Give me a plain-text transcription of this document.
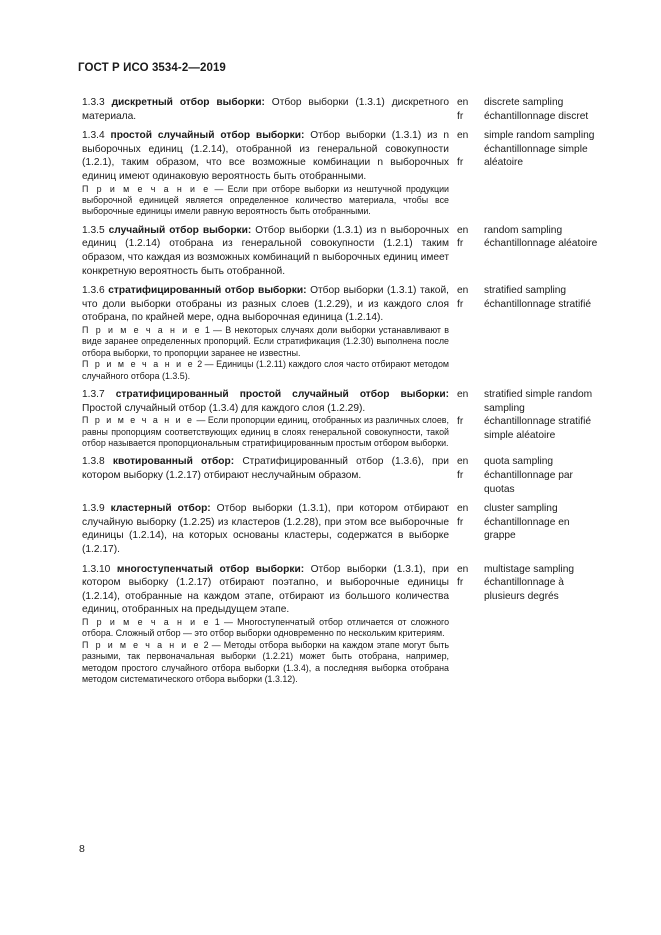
ГОСТ Р ИСО 3534-2—2019

1.3.3 дискретный отбор выборки: Отбор выборки (1.3.1) дискретного материала.

en
fr
discrete sampling
échantillonnage discret

1.3.4 простой случайный отбор выборки: Отбор выборки (1.3.1) из n выборочных единиц (1.2.14), отобранной из генеральной совокупности (1.2.1), таким образом, что все возможные комбинации n выборочных единиц имеют одинаковую вероятность быть отобранными.

П р и м е ч а н и е — Если при отборе выборки из нештучной продукции выборочной единицей является определенное количество материала, чтобы все выборочные единицы имели равную вероятность быть отобранными.

en
fr
simple random sampling
échantillonnage simple aléatoire

1.3.5 случайный отбор выборки: Отбор выборки (1.3.1) из n выборочных единиц (1.2.14) отобрана из генеральной совокупности (1.2.1) таким образом, что каждая из возможных комбинаций n выборочных единиц имеет конкретную вероятность быть отобранной.

en
fr
random sampling
échantillonnage aléatoire

1.3.6 стратифицированный отбор выборки: Отбор выборки (1.3.1) такой, что доли выборки отобраны из разных слоев (1.2.29), и из каждого слоя отобрана, по крайней мере, одна выборочная единица (1.2.14).

П р и м е ч а н и е 1 — В некоторых случаях доли выборки устанавливают в виде заранее определенных пропорций. Если стратификация (1.2.30) выполнена после отбора выборки, то пропорции заранее не известны.

П р и м е ч а н и е 2 — Единицы (1.2.11) каждого слоя часто отбирают методом случайного отбора (1.3.5).

en
fr
stratified sampling
échantillonnage stratifié

1.3.7 стратифицированный простой случайный отбор выборки: Простой случайный отбор (1.3.4) для каждого слоя (1.2.29).

П р и м е ч а н и е — Если пропорции единиц, отобранных из различных слоев, равны пропорциям соответствующих единиц в слоях генеральной совокупности, такой отбор называется пропорциональным стратифицированным простым отбором выборки.

en
fr
stratified simple random sampling
échantillonnage stratifié simple aléatoire

1.3.8 квотированный отбор: Стратифицированный отбор (1.3.6), при котором выборку (1.2.17) отбирают неслучайным образом.

en
fr
quota sampling
échantillonnage par quotas

1.3.9 кластерный отбор: Отбор выборки (1.3.1), при котором отбирают случайную выборку (1.2.25) из кластеров (1.2.28), при этом все выборочные единицы (1.2.14), на которых основаны кластеры, содержатся в выборке (1.2.17).

en
fr
cluster sampling
échantillonnage en grappe

1.3.10 многоступенчатый отбор выборки: Отбор выборки (1.3.1), при котором выборку (1.2.17) отбирают поэтапно, и выборочные единицы (1.2.14), отобранные на каждом этапе, отбирают из большого количества единиц, отобранных на предыдущем этапе.

П р и м е ч а н и е 1 — Многоступенчатый отбор отличается от сложного отбора. Сложный отбор — это отбор выборки одновременно по нескольким критериям.

П р и м е ч а н и е 2 — Методы отбора выборки на каждом этапе могут быть разными, так первоначальная выборки (1.2.21) может быть отобрана, например, методом простого случайного отбора выборки (1.3.4), а последняя выборка отобрана методом систематического отбора выборки (1.3.12).

en
fr
multistage sampling
échantillonnage à plusieurs degrés
8
